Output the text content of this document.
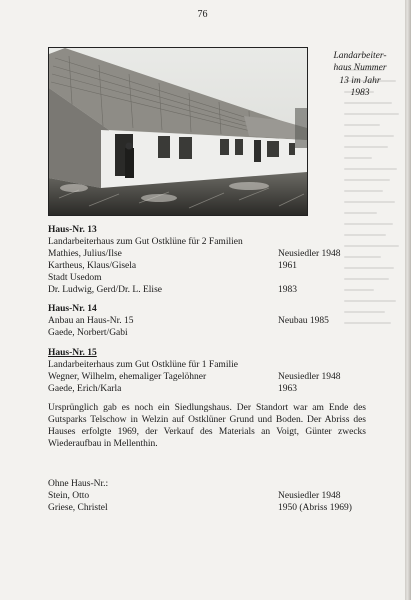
76
Landarbeiter-
haus Nummer
13 im Jahr
1983
Haus-Nr. 13
Landarbeiterhaus zum Gut Ostklüne für 2 Familien
Mathies, Julius/Ilse	Neusiedler 1948
Kartheus, Klaus/Gisela	1961
Stadt Usedom
Dr. Ludwig, Gerd/Dr. L. Elise	1983
Haus-Nr. 14
Anbau an Haus-Nr. 15	Neubau 1985
Gaede, Norbert/Gabi
Haus-Nr. 15
Landarbeiterhaus zum Gut Ostklüne für 1 Familie
Wegner, Wilhelm, ehemaliger Tagelöhner	Neusiedler 1948
Gaede, Erich/Karla	1963
Ursprünglich gab es noch ein Siedlungshaus. Der Standort war am Ende des Gutsparks Telschow in Welzin auf Ostklüner Grund und Boden. Der Abriss des Hauses erfolgte 1969, der Verkauf des Materials an Voigt, Günter zwecks Wiederaufbau in Mellenthin.
Ohne Haus-Nr.:
Stein, Otto	Neusiedler 1948
Griese, Christel	1950 (Abriss 1969)
